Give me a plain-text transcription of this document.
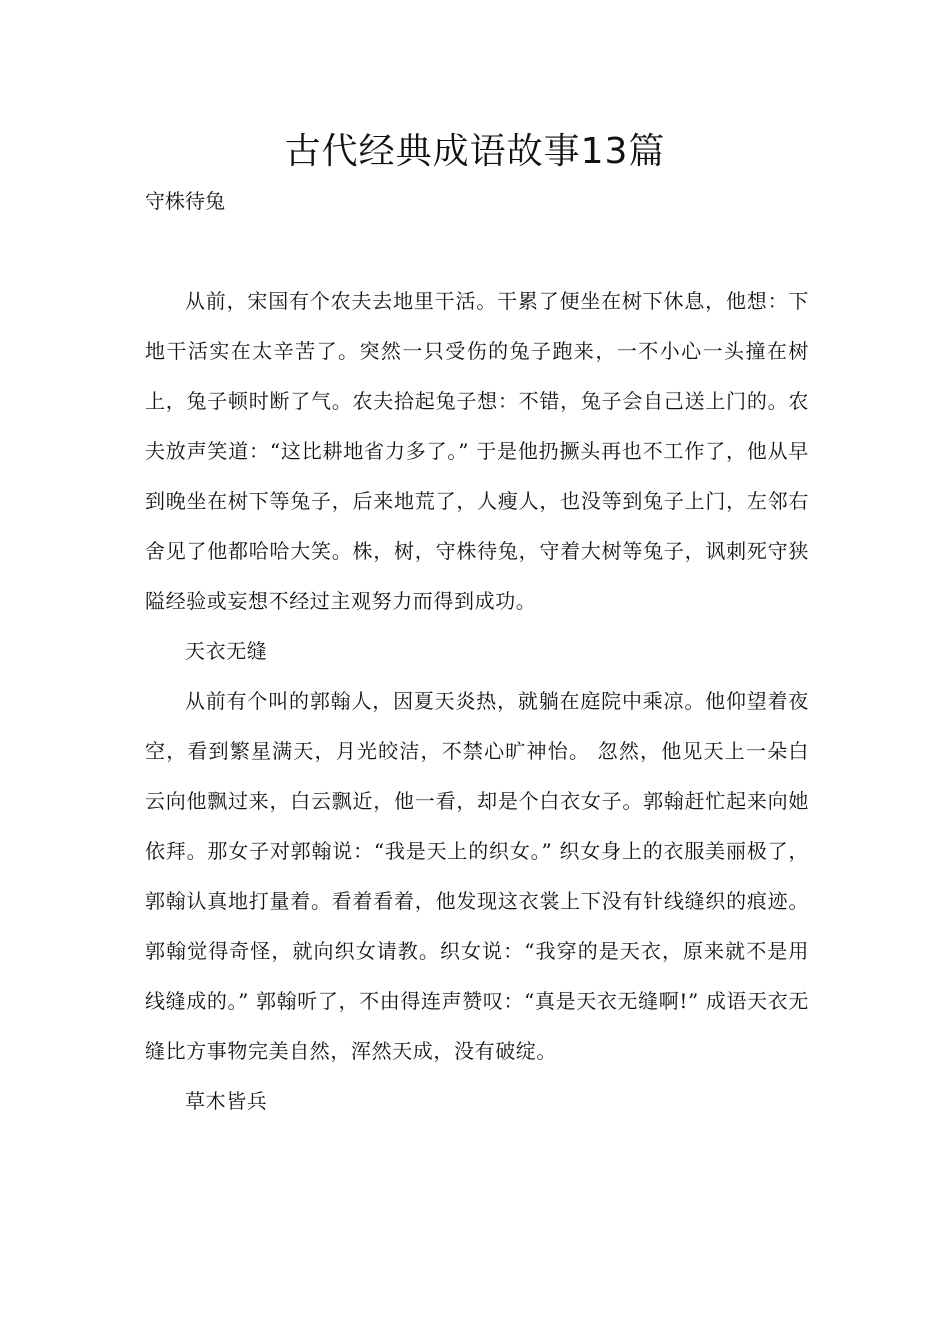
古代经典成语故事13篇
守株待兔

从前，宋国有个农夫去地里干活。干累了便坐在树下休息，他想：下地干活实在太辛苦了。突然一只受伤的兔子跑来，一不小心一头撞在树上，兔子顿时断了气。农夫拾起兔子想：不错，兔子会自己送上门的。农夫放声笑道：“这比耕地省力多了。” 于是他扔撅头再也不工作了，他从早到晚坐在树下等兔子，后来地荒了，人瘦人，也没等到兔子上门，左邻右舍见了他都哈哈大笑。株，树，守株待兔，守着大树等兔子，讽刺死守狭隘经验或妄想不经过主观努力而得到成功。

天衣无缝

从前有个叫的郭翰人，因夏天炎热，就躺在庭院中乘凉。他仰望着夜空，看到繁星满天，月光皎洁，不禁心旷神怡。 忽然，他见天上一朵白云向他飘过来，白云飘近，他一看，却是个白衣女子。郭翰赶忙起来向她依拜。那女子对郭翰说：“我是天上的织女。” 织女身上的衣服美丽极了，郭翰认真地打量着。看着看着，他发现这衣裳上下没有针线缝织的痕迹。郭翰觉得奇怪，就向织女请教。织女说：“我穿的是天衣，原来就不是用线缝成的。” 郭翰听了，不由得连声赞叹：“真是天衣无缝啊!” 成语天衣无缝比方事物完美自然，浑然天成，没有破绽。

草木皆兵
